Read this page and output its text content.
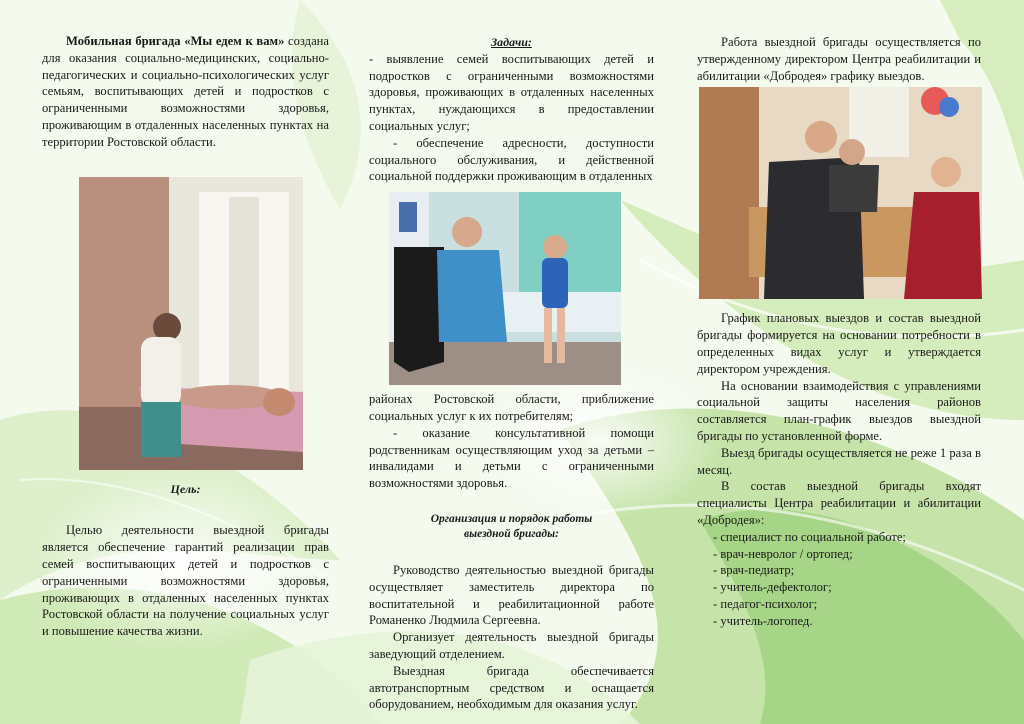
Мобильная бригада «Мы едем к вам» создана для оказания социально-медицинских, социально-педагогических и социально-психологических услуг семьям, воспитывающих детей и подростков с ограниченными возможностями здоровья, проживающим в отдаленных населенных пунктах на территории Ростовской области.

Цель:

Целью деятельности выездной бригады является обеспечение гарантий реализации прав семей воспитывающих детей и подростков с ограниченными возможностями здоровья, проживающих в отдаленных населенных пунктах Ростовской области на получение социальных услуг и повышение качества жизни.

Задачи:

- выявление семей воспитывающих детей и подростков с ограниченными возможностями здоровья, проживающих в отдаленных населенных пунктах, нуждающихся в предоставлении социальных услуг;

- обеспечение адресности, доступности социального обслуживания, и действенной социальной поддержки проживающим в отдаленных

районах Ростовской области, приближение социальных услуг к их потребителям;

- оказание консультативной помощи родственникам осуществляющим уход за детьми – инвалидами и детьми с ограниченными возможностями здоровья.

Организация и порядок работы

выездной бригады:

Руководство деятельностью выездной бригады осуществляет заместитель директора по воспитательной и реабилитационной работе Романенко Людмила Сергеевна.

Организует деятельность выездной бригады заведующий отделением.

Выездная бригада обеспечивается автотранспортным средством и оснащается оборудованием, необходимым для оказания услуг.

Работа выездной бригады осуществляется по утвержденному директором Центра реабилитации и абилитации «Добродея» графику выездов.

График плановых выездов и состав выездной бригады формируется на основании потребности в определенных видах услуг и утверждается директором учреждения.

На основании взаимодействия с управлениями социальной защиты населения районов составляется план-график выездов выездной бригады по установленной форме.

Выезд бригады осуществляется не реже 1 раза в месяц.

В состав выездной бригады входят специалисты Центра реабилитации и абилитации «Добродея»:

- специалист по социальной работе;

- врач-невролог / ортопед;

- врач-педиатр;

- учитель-дефектолог;

- педагог-психолог;

- учитель-логопед.
